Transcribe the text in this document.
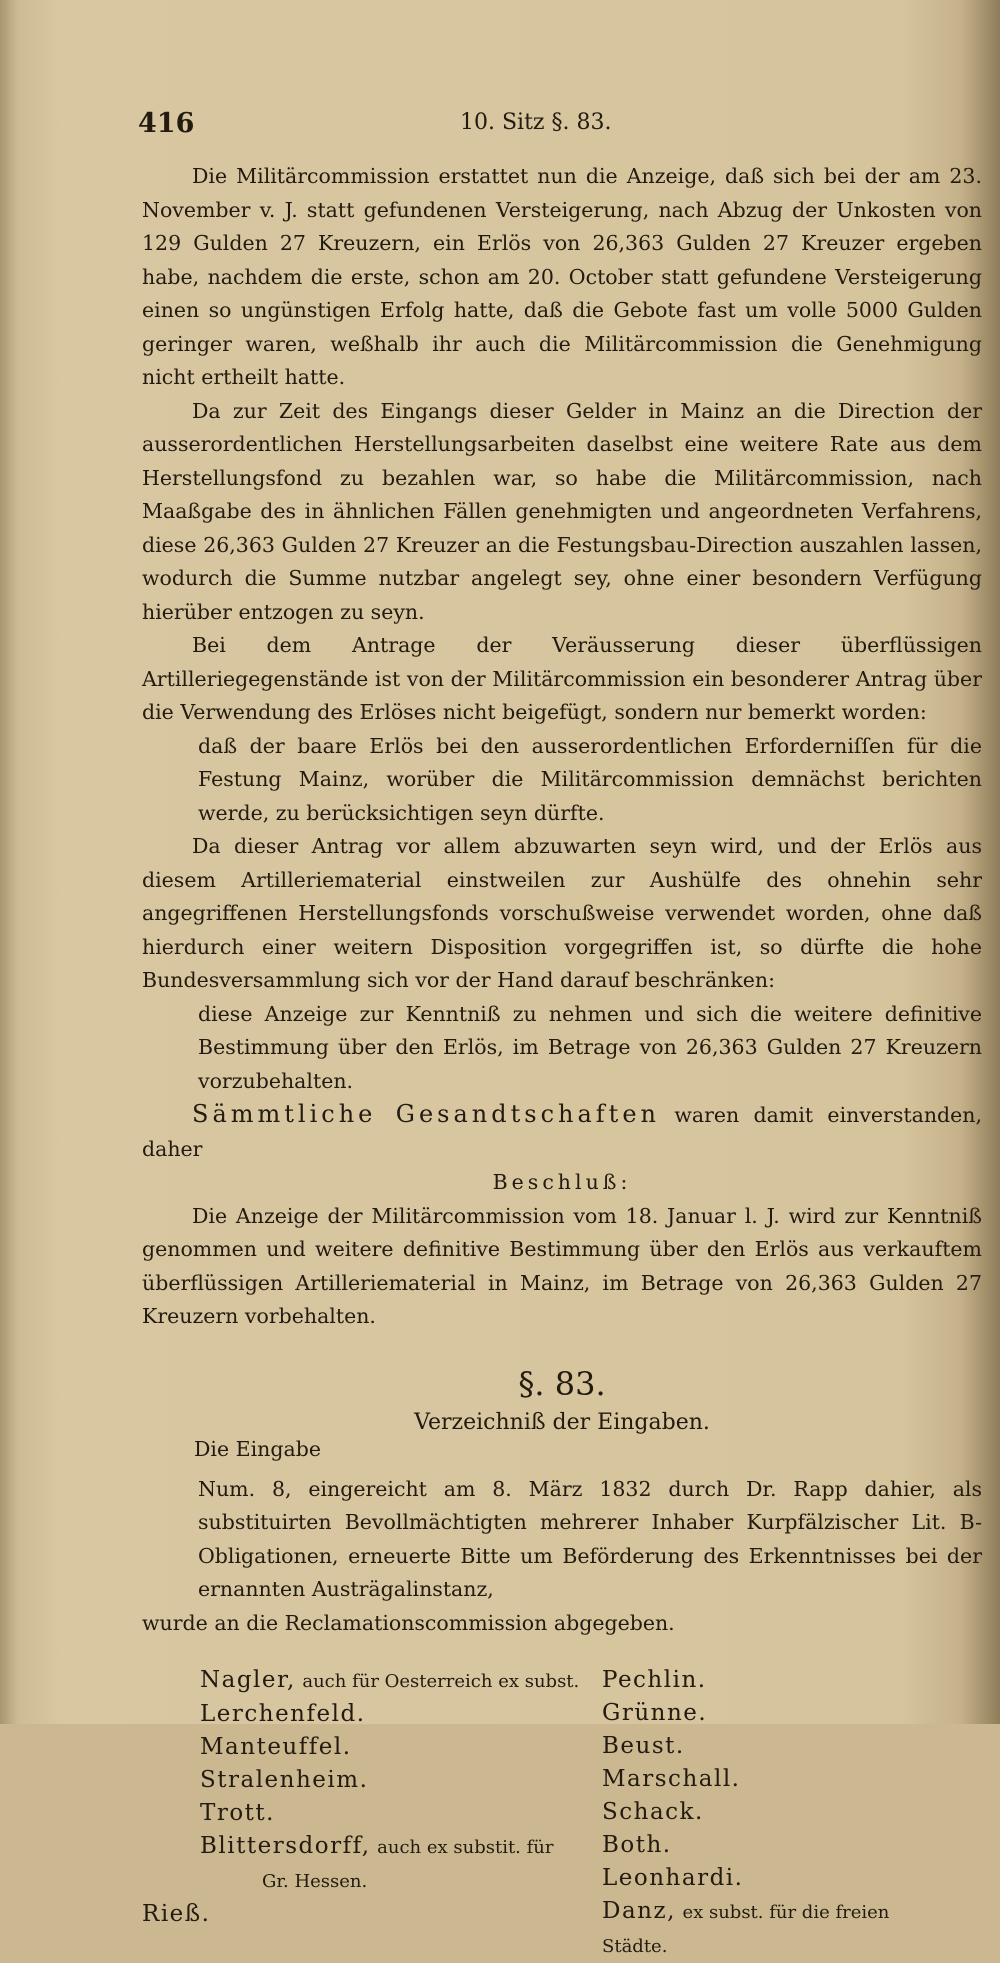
416	10. Sitz §. 83.

Die Militärcommission erstattet nun die Anzeige, daß sich bei der am 23. November v. J. statt gefundenen Versteigerung, nach Abzug der Unkosten von 129 Gulden 27 Kreuzern, ein Erlös von 26,363 Gulden 27 Kreuzer ergeben habe, nachdem die erste, schon am 20. October statt gefundene Versteigerung einen so ungünstigen Erfolg hatte, daß die Gebote fast um volle 5000 Gulden geringer waren, weßhalb ihr auch die Militärcommission die Genehmigung nicht ertheilt hatte.

Da zur Zeit des Eingangs dieser Gelder in Mainz an die Direction der ausserordentlichen Herstellungsarbeiten daselbst eine weitere Rate aus dem Herstellungsfond zu bezahlen war, so habe die Militärcommission, nach Maaßgabe des in ähnlichen Fällen genehmigten und angeordneten Verfahrens, diese 26,363 Gulden 27 Kreuzer an die Festungsbau-Direction auszahlen lassen, wodurch die Summe nutzbar angelegt sey, ohne einer besondern Verfügung hierüber entzogen zu seyn.

Bei dem Antrage der Veräusserung dieser überflüssigen Artilleriegegenstände ist von der Militärcommission ein besonderer Antrag über die Verwendung des Erlöses nicht beigefügt, sondern nur bemerkt worden:

daß der baare Erlös bei den ausserordentlichen Erforderniſſen für die Festung Mainz, worüber die Militärcommission demnächst berichten werde, zu berücksichtigen seyn dürfte.

Da dieser Antrag vor allem abzuwarten seyn wird, und der Erlös aus diesem Artilleriematerial einstweilen zur Aushülfe des ohnehin sehr angegriffenen Herstellungsfonds vorschußweise verwendet worden, ohne daß hierdurch einer weitern Disposition vorgegriffen ist, so dürfte die hohe Bundesversammlung sich vor der Hand darauf beschränken:

diese Anzeige zur Kenntniß zu nehmen und sich die weitere definitive Bestimmung über den Erlös, im Betrage von 26,363 Gulden 27 Kreuzern vorzubehalten.

Sämmtliche Gesandtschaften waren damit einverstanden, daher

Beschluß:

Die Anzeige der Militärcommission vom 18. Januar l. J. wird zur Kenntniß genommen und weitere definitive Bestimmung über den Erlös aus verkauftem überflüssigen Artilleriematerial in Mainz, im Betrage von 26,363 Gulden 27 Kreuzern vorbehalten.

§. 83.
Verzeichniß der Eingaben.

Die Eingabe

Num. 8, eingereicht am 8. März 1832 durch Dr. Rapp dahier, als substituirten Bevollmächtigten mehrerer Inhaber Kurpfälzischer Lit. B-Obligationen, erneuerte Bitte um Beförderung des Erkenntnisses bei der ernannten Austrägalinstanz,

wurde an die Reclamationscommission abgegeben.

Nagler, auch für Oesterreich ex subst.
Lerchenfeld.
Manteuffel.
Stralenheim.
Trott.
Blittersdorff, auch ex substit. für
Gr. Hessen.
Rieß.
Pechlin.
Grünne.
Beust.
Marschall.
Schack.
Both.
Leonhardi.
Danz, ex subst. für die freien Städte.
